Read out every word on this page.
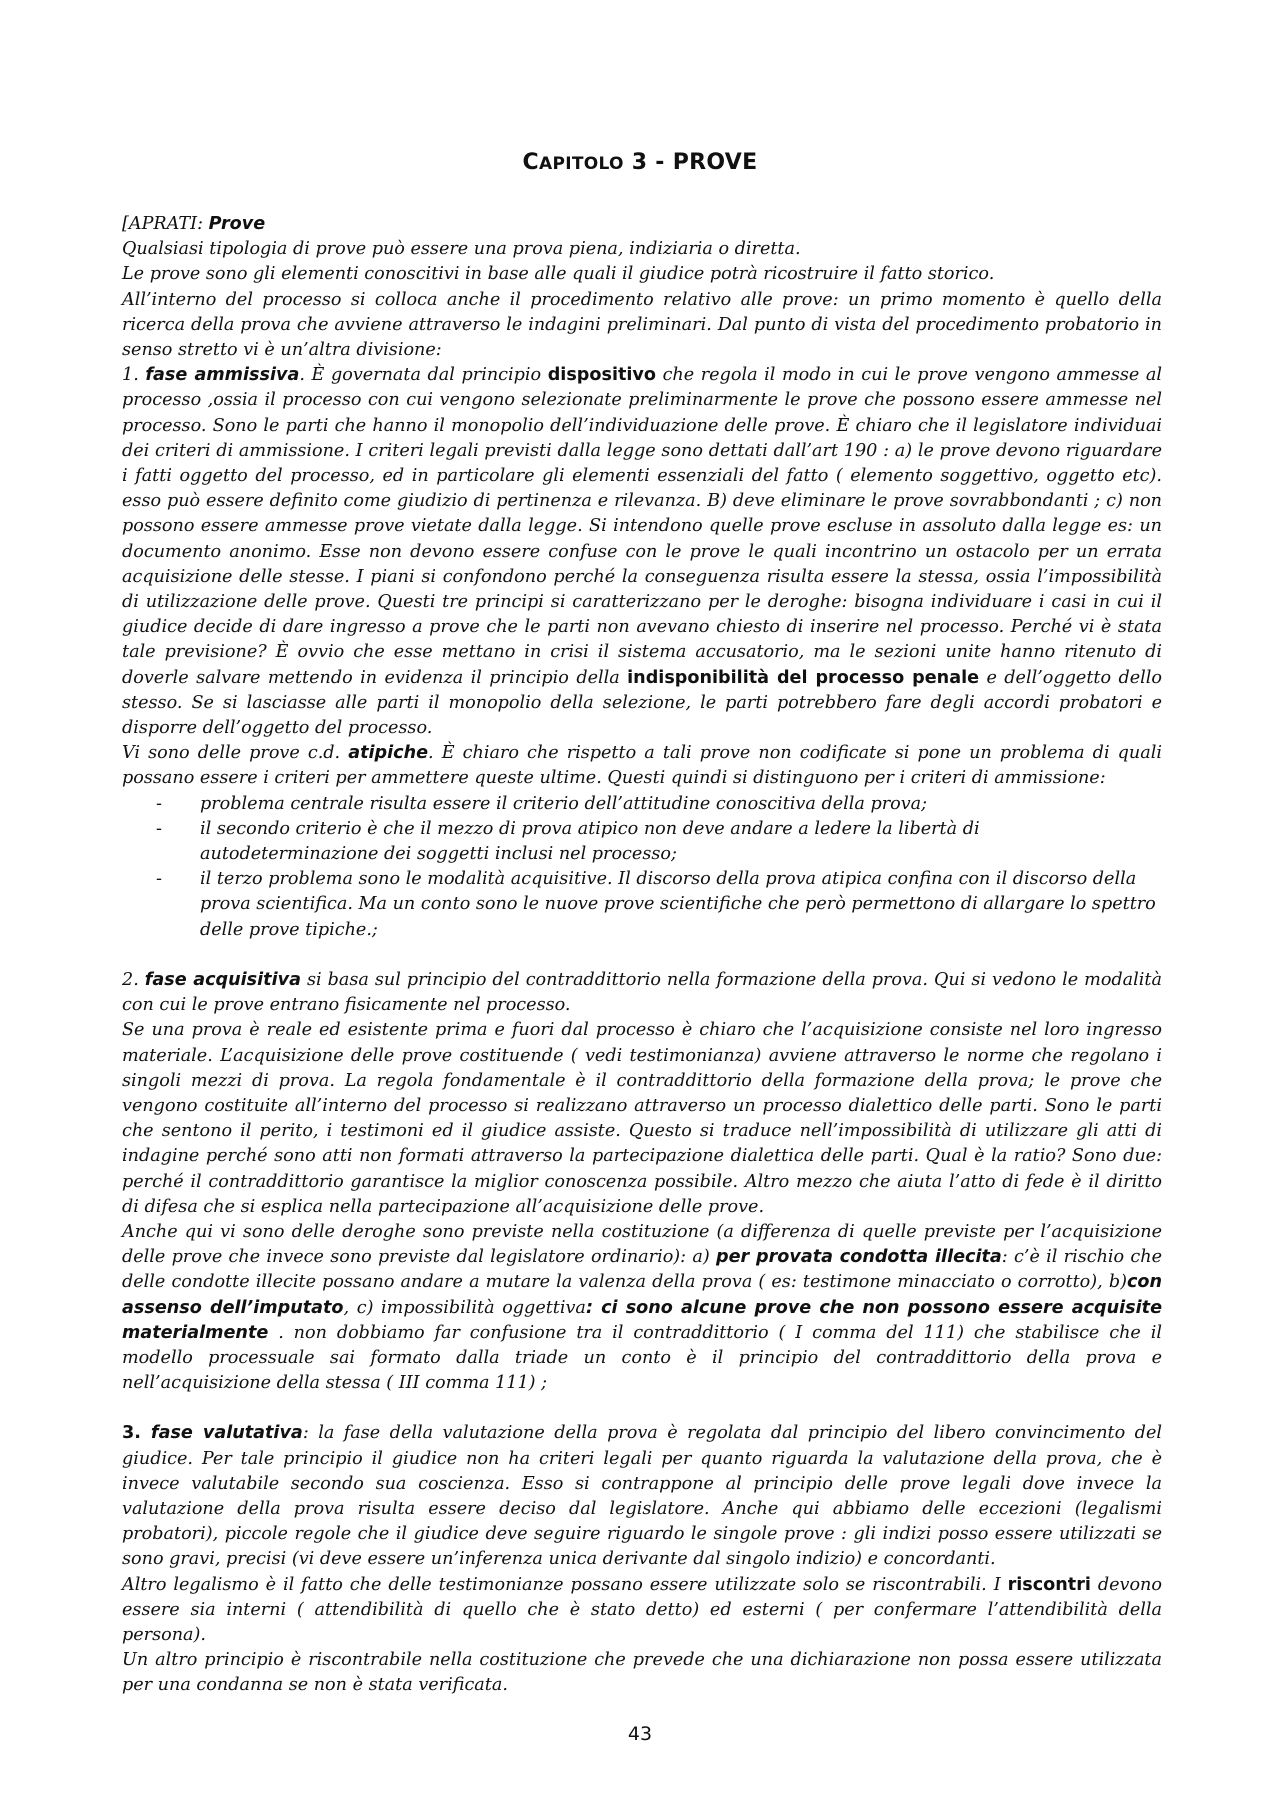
CAPITOLO 3 - PROVE

[APRATI: Prove

Qualsiasi tipologia di prove può essere una prova piena, indiziaria o diretta.

Le prove sono gli elementi conoscitivi in base alle quali il giudice potrà ricostruire il fatto storico.

All’interno del processo si colloca anche il procedimento relativo alle prove: un primo momento è quello della ricerca della prova che avviene attraverso le indagini preliminari. Dal punto di vista del procedimento probatorio in senso stretto vi è un’altra divisione:

1. fase ammissiva. È governata dal principio dispositivo che regola il modo in cui le prove vengono ammesse al processo ,ossia il processo con cui vengono selezionate preliminarmente le prove che possono essere ammesse nel processo. Sono le parti che hanno il monopolio dell’individuazione delle prove. È chiaro che il legislatore individuai dei criteri di ammissione. I criteri legali previsti dalla legge sono dettati dall’art 190 : a) le prove devono riguardare i fatti oggetto del processo, ed in particolare gli elementi essenziali del fatto ( elemento soggettivo, oggetto etc). esso può essere definito come giudizio di pertinenza e rilevanza. B) deve eliminare le prove sovrabbondanti ; c) non possono essere ammesse prove vietate dalla legge. Si intendono quelle prove escluse in assoluto dalla legge es: un documento anonimo. Esse non devono essere confuse con le prove le quali incontrino un ostacolo per un errata acquisizione delle stesse. I piani si confondono perché la conseguenza risulta essere la stessa, ossia l’impossibilità di utilizzazione delle prove. Questi tre principi si caratterizzano per le deroghe: bisogna individuare i casi in cui il giudice decide di dare ingresso a prove che le parti non avevano chiesto di inserire nel processo. Perché vi è stata tale previsione? È ovvio che esse mettano in crisi il sistema accusatorio, ma le sezioni unite hanno ritenuto di doverle salvare mettendo in evidenza il principio della indisponibilità del processo penale e dell’oggetto dello stesso. Se si lasciasse alle parti il monopolio della selezione, le parti potrebbero fare degli accordi probatori e disporre dell’oggetto del processo.

Vi sono delle prove c.d. atipiche. È chiaro che rispetto a tali prove non codificate si pone un problema di quali possano essere i criteri per ammettere queste ultime. Questi quindi si distinguono per i criteri di ammissione:

- problema centrale risulta essere il criterio dell’attitudine conoscitiva della prova;
- il secondo criterio è che il mezzo di prova atipico non deve andare a ledere la libertà di autodeterminazione dei soggetti inclusi nel processo;
- il terzo problema sono le modalità acquisitive. Il discorso della prova atipica confina con il discorso della prova scientifica. Ma un conto sono le nuove prove scientifiche che però permettono di allargare lo spettro delle prove tipiche.;

2. fase acquisitiva si basa sul principio del contraddittorio nella formazione della prova. Qui si vedono le modalità con cui le prove entrano fisicamente nel processo.

Se una prova è reale ed esistente prima e fuori dal processo è chiaro che l’acquisizione consiste nel loro ingresso materiale. L’acquisizione delle prove costituende ( vedi testimonianza) avviene attraverso le norme che regolano i singoli mezzi di prova. La regola fondamentale è il contraddittorio della formazione della prova; le prove che vengono costituite all’interno del processo si realizzano attraverso un processo dialettico delle parti. Sono le parti che sentono il perito, i testimoni ed il giudice assiste. Questo si traduce nell’impossibilità di utilizzare gli atti di indagine perché sono atti non formati attraverso la partecipazione dialettica delle parti. Qual è la ratio? Sono due: perché il contraddittorio garantisce la miglior conoscenza possibile. Altro mezzo che aiuta l’atto di fede è il diritto di difesa che si esplica nella partecipazione all’acquisizione delle prove.

Anche qui vi sono delle deroghe sono previste nella costituzione (a differenza di quelle previste per l’acquisizione delle prove che invece sono previste dal legislatore ordinario): a) per provata condotta illecita: c’è il rischio che delle condotte illecite possano andare a mutare la valenza della prova ( es: testimone minacciato o corrotto), b)con assenso dell’imputato, c) impossibilità oggettiva: ci sono alcune prove che non possono essere acquisite materialmente . non dobbiamo far confusione tra il contraddittorio ( I comma del 111) che stabilisce che il modello processuale sai formato dalla triade un conto è il principio del contraddittorio della prova e nell’acquisizione della stessa ( III comma 111) ;

3. fase valutativa: la fase della valutazione della prova è regolata dal principio del libero convincimento del giudice. Per tale principio il giudice non ha criteri legali per quanto riguarda la valutazione della prova, che è invece valutabile secondo sua coscienza. Esso si contrappone al principio delle prove legali dove invece la valutazione della prova risulta essere deciso dal legislatore. Anche qui abbiamo delle eccezioni (legalismi probatori), piccole regole che il giudice deve seguire riguardo le singole prove : gli indizi posso essere utilizzati se sono gravi, precisi (vi deve essere un’inferenza unica derivante dal singolo indizio) e concordanti.

Altro legalismo è il fatto che delle testimonianze possano essere utilizzate solo se riscontrabili. I riscontri devono essere sia interni ( attendibilità di quello che è stato detto) ed esterni ( per confermare l’attendibilità della persona).

Un altro principio è riscontrabile nella costituzione che prevede che una dichiarazione non possa essere utilizzata per una condanna se non è stata verificata.

43
